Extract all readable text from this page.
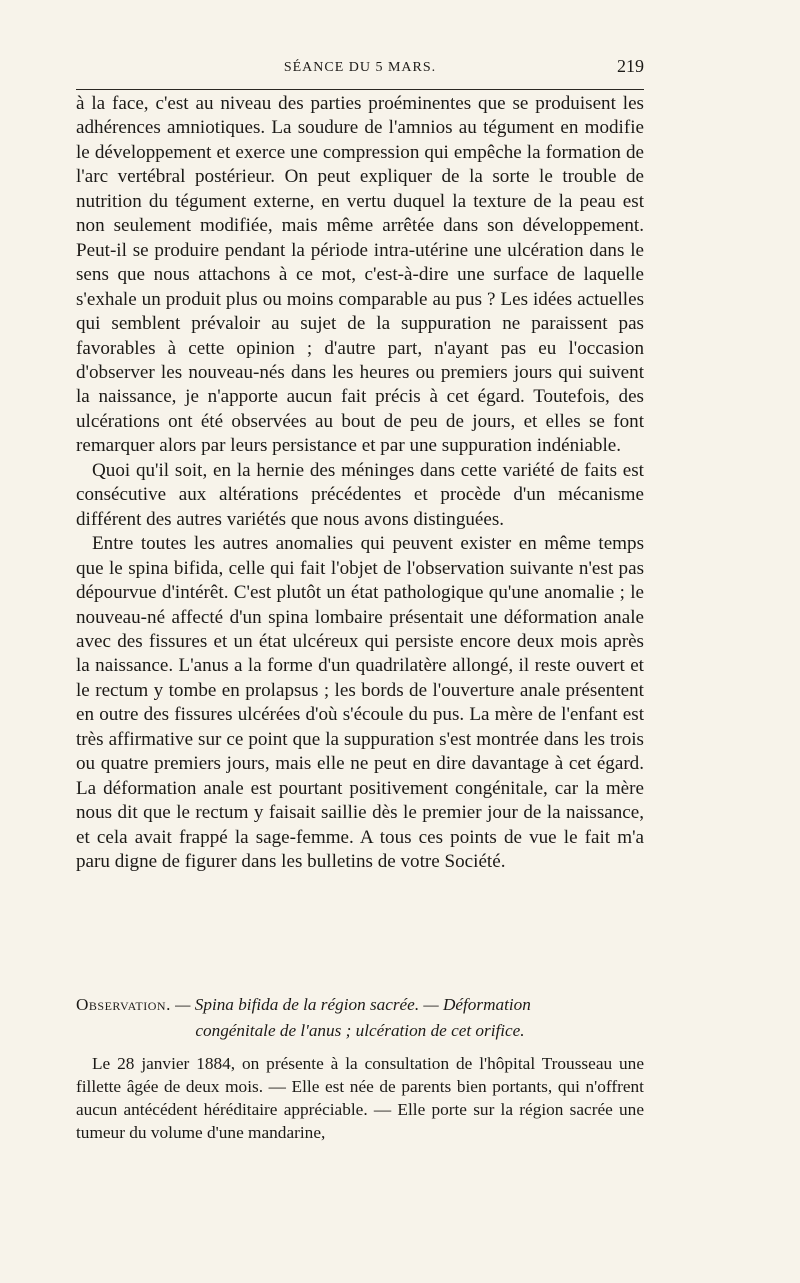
SÉANCE DU 5 MARS.	219

à la face, c'est au niveau des parties proéminentes que se produisent les adhérences amniotiques. La soudure de l'amnios au tégument en modifie le développement et exerce une compression qui empêche la formation de l'arc vertébral postérieur. On peut expliquer de la sorte le trouble de nutrition du tégument externe, en vertu duquel la texture de la peau est non seulement modifiée, mais même arrêtée dans son développement. Peut-il se produire pendant la période intra-utérine une ulcération dans le sens que nous attachons à ce mot, c'est-à-dire une surface de laquelle s'exhale un produit plus ou moins comparable au pus ? Les idées actuelles qui semblent prévaloir au sujet de la suppuration ne paraissent pas favorables à cette opinion ; d'autre part, n'ayant pas eu l'occasion d'observer les nouveau-nés dans les heures ou premiers jours qui suivent la naissance, je n'apporte aucun fait précis à cet égard. Toutefois, des ulcérations ont été observées au bout de peu de jours, et elles se font remarquer alors par leurs persistance et par une suppuration indéniable.

Quoi qu'il soit, en la hernie des méninges dans cette variété de faits est consécutive aux altérations précédentes et procède d'un mécanisme différent des autres variétés que nous avons distinguées.

Entre toutes les autres anomalies qui peuvent exister en même temps que le spina bifida, celle qui fait l'objet de l'observation suivante n'est pas dépourvue d'intérêt. C'est plutôt un état pathologique qu'une anomalie ; le nouveau-né affecté d'un spina lombaire présentait une déformation anale avec des fissures et un état ulcéreux qui persiste encore deux mois après la naissance. L'anus a la forme d'un quadrilatère allongé, il reste ouvert et le rectum y tombe en prolapsus ; les bords de l'ouverture anale présentent en outre des fissures ulcérées d'où s'écoule du pus. La mère de l'enfant est très affirmative sur ce point que la suppuration s'est montrée dans les trois ou quatre premiers jours, mais elle ne peut en dire davantage à cet égard. La déformation anale est pourtant positivement congénitale, car la mère nous dit que le rectum y faisait saillie dès le premier jour de la naissance, et cela avait frappé la sage-femme. A tous ces points de vue le fait m'a paru digne de figurer dans les bulletins de votre Société.

Observation. — Spina bifida de la région sacrée. — Déformation

congénitale de l'anus ; ulcération de cet orifice.

Le 28 janvier 1884, on présente à la consultation de l'hôpital Trousseau une fillette âgée de deux mois. — Elle est née de parents bien portants, qui n'offrent aucun antécédent héréditaire appréciable. — Elle porte sur la région sacrée une tumeur du volume d'une mandarine,
